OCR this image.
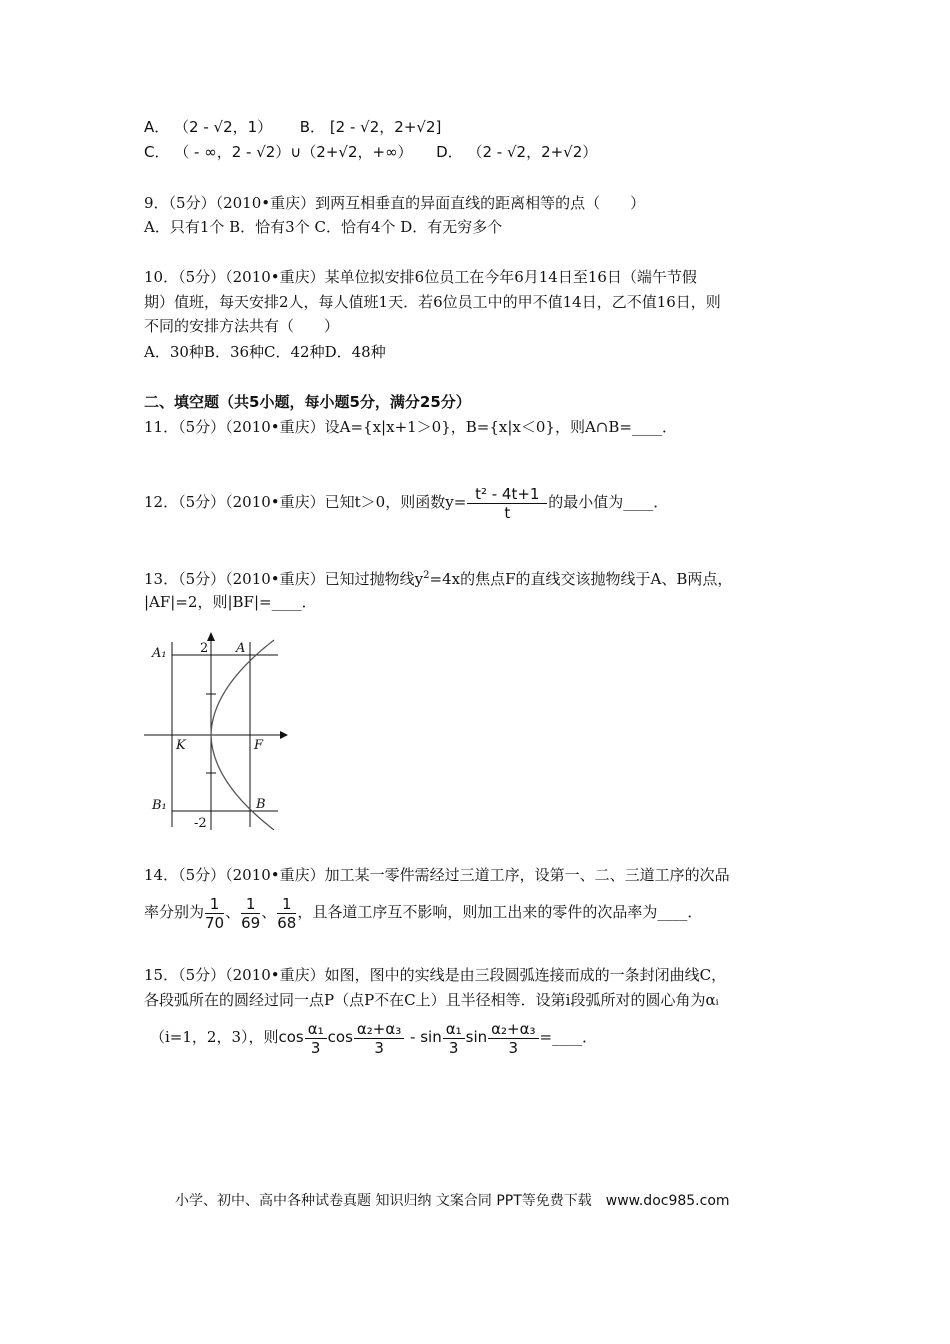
A． （2 - √2，1） B． [2 - √2，2+√2]
C． （ - ∞，2 - √2）∪（2+√2，+∞） D． （2 - √2，2+√2）
9．（5分）（2010•重庆）到两互相垂直的异面直线的距离相等的点（　　）
A．只有1个 B．恰有3个 C．恰有4个 D．有无穷多个
10．（5分）（2010•重庆）某单位拟安排6位员工在今年6月14日至16日（端午节假
期）值班，每天安排2人，每人值班1天．若6位员工中的甲不值14日，乙不值16日，则
不同的安排方法共有（　　）
A．30种B．36种C．42种D．48种
二、填空题（共5小题，每小题5分，满分25分）
11．（5分）（2010•重庆）设A={x|x+1＞0}，B={x|x＜0}，则A∩B=____．
12．（5分）（2010•重庆）已知t＞0，则函数$y= \frac{\text{t² - 4t+1}}{t}$ 的最小值为____．
13．（5分）（2010•重庆）已知过抛物线$y^2=4x$的焦点F的直线交该抛物线于A、B两点，
|AF|=2，则|BF|=____．
A₁	2 A
K	F
B₁
-2
B
14．（5分）（2010•重庆）加工某一零件需经过三道工序，设第一、二、三道工序的次品
率分别为 $\frac{1}{70}$ 、 $\frac{1}{69}$ 、 $\frac{1}{68}$ ，且各道工序互不影响，则加工出来的零件的次品率为____．
15．（5分）（2010•重庆）如图，图中的实线是由三段圆弧连接而成的一条封闭曲线C，
各段弧所在的圆经过同一点P（点P不在C上）且半径相等．设第i段弧所对的圆心角为αᵢ
（i=1，2，3），则$\cos \frac{\text{α₁}}{3}$ $\cos \frac{\text{α₂+α₃}}{3}$ - $\sin \frac{\text{α₁}}{3}$ $\sin \frac{\text{α₂+α₃}}{3}$ =____．
小学、初中、高中各种试卷真题 知识归纳 文案合同 PPT等免费下载　www.doc985.com
